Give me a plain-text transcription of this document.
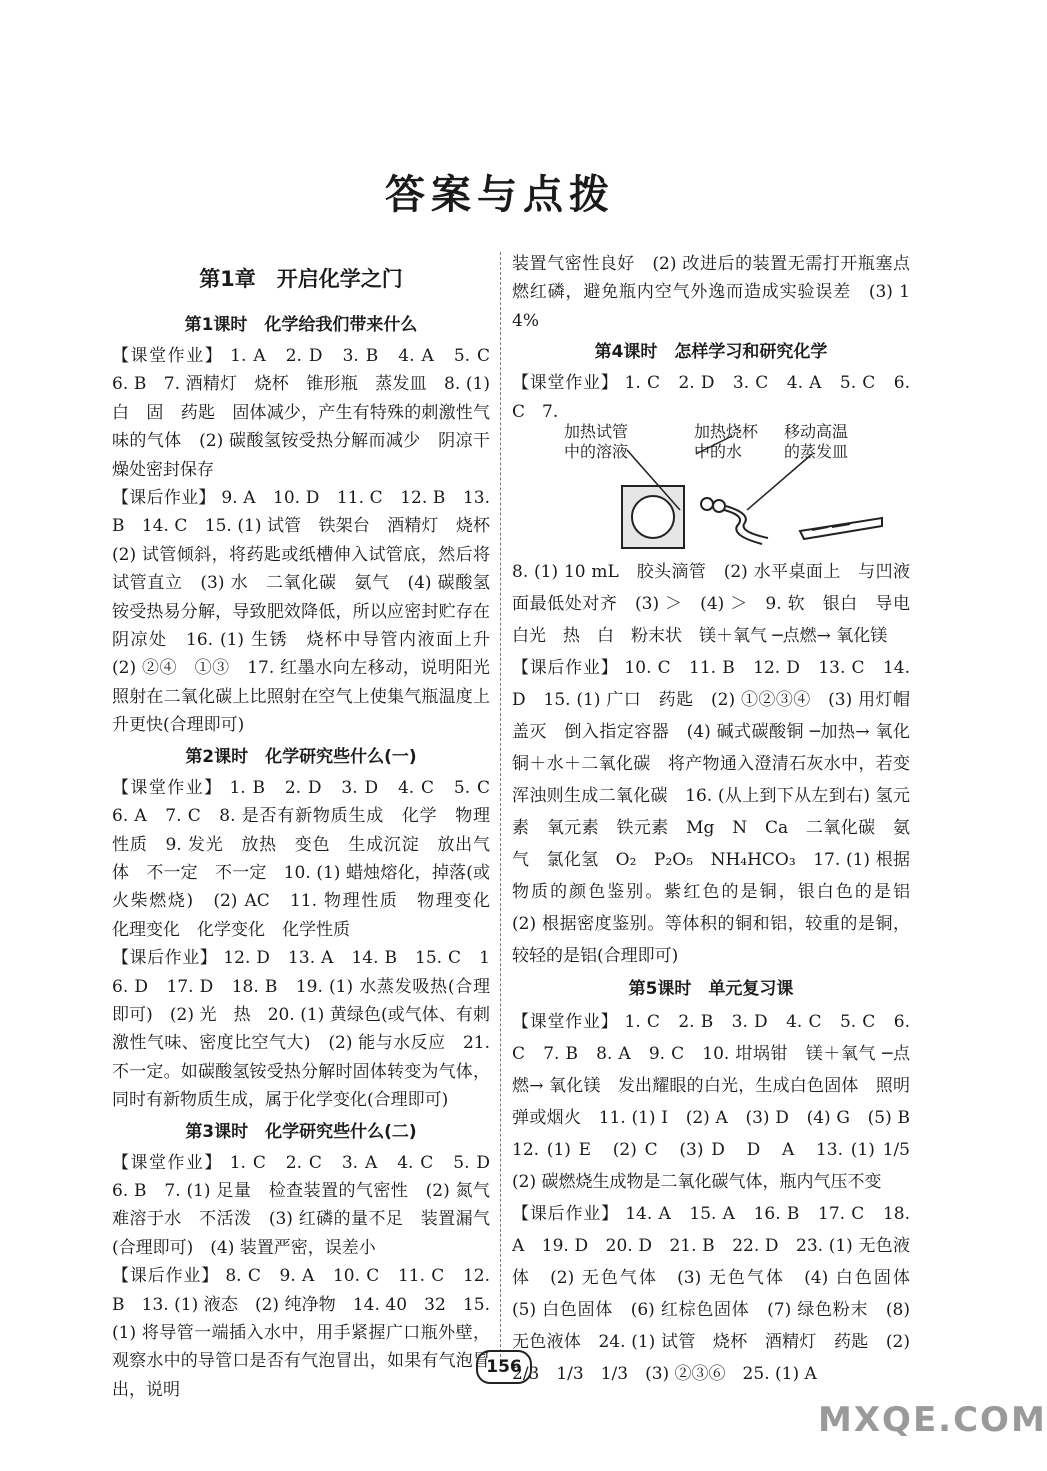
答案与点拨
第1章　开启化学之门
第1课时　化学给我们带来什么

【课堂作业】 1. A　2. D　3. B　4. A　5. C　6. B　7. 酒精灯　烧杯　锥形瓶　蒸发皿　8. (1) 白　固　药匙　固体减少，产生有特殊的刺激性气味的气体　(2) 碳酸氢铵受热分解而减少　阴凉干燥处密封保存

【课后作业】 9. A　10. D　11. C　12. B　13. B　14. C　15. (1) 试管　铁架台　酒精灯　烧杯　(2) 试管倾斜，将药匙或纸槽伸入试管底，然后将试管直立　(3) 水　二氧化碳　氨气　(4) 碳酸氢铵受热易分解，导致肥效降低，所以应密封贮存在阴凉处　16. (1) 生锈　烧杯中导管内液面上升　(2) ②④　①③　17. 红墨水向左移动，说明阳光照射在二氧化碳上比照射在空气上使集气瓶温度上升更快(合理即可)

第2课时　化学研究些什么(一)

【课堂作业】 1. B　2. D　3. D　4. C　5. C　6. A　7. C　8. 是否有新物质生成　化学　物理性质　9. 发光　放热　变色　生成沉淀　放出气体　不一定　不一定　10. (1) 蜡烛熔化，掉落(或火柴燃烧)　(2) AC　11. 物理性质　物理变化　化理变化　化学变化　化学性质

【课后作业】 12. D　13. A　14. B　15. C　16. D　17. D　18. B　19. (1) 水蒸发吸热(合理即可)　(2) 光　热　20. (1) 黄绿色(或气体、有刺激性气味、密度比空气大)　(2) 能与水反应　21. 不一定。如碳酸氢铵受热分解时固体转变为气体，同时有新物质生成，属于化学变化(合理即可)

第3课时　化学研究些什么(二)

【课堂作业】 1. C　2. C　3. A　4. C　5. D　6. B　7. (1) 足量　检查装置的气密性　(2) 氮气难溶于水　不活泼　(3) 红磷的量不足　装置漏气(合理即可)　(4) 装置严密，误差小

【课后作业】 8. C　9. A　10. C　11. C　12. B　13. (1) 液态　(2) 纯净物　14. 40　32　15. (1) 将导管一端插入水中，用手紧握广口瓶外壁，观察水中的导管口是否有气泡冒出，如果有气泡冒出，说明

装置气密性良好　(2) 改进后的装置无需打开瓶塞点燃红磷，避免瓶内空气外逸而造成实验误差　(3) 14%

第4课时　怎样学习和研究化学

【课堂作业】 1. C　2. D　3. C　4. A　5. C　6. C　7.

加热试管中的溶液
加热烧杯中的水
移动高温的蒸发皿

8. (1) 10 mL　胶头滴管　(2) 水平桌面上　与凹液面最低处对齐　(3) ＞　(4) ＞　9. 软　银白　导电　白光　热　白　粉末状　镁＋氧气 ─点燃→ 氧化镁

【课后作业】 10. C　11. B　12. D　13. C　14. D　15. (1) 广口　药匙　(2) ①②③④　(3) 用灯帽盖灭　倒入指定容器　(4) 碱式碳酸铜 ─加热→ 氧化铜＋水＋二氧化碳　将产物通入澄清石灰水中，若变浑浊则生成二氧化碳　16. (从上到下从左到右) 氢元素　氧元素　铁元素　Mg　N　Ca　二氧化碳　氨气　氯化氢　O₂　P₂O₅　NH₄HCO₃　17. (1) 根据物质的颜色鉴别。紫红色的是铜，银白色的是铝　(2) 根据密度鉴别。等体积的铜和铝，较重的是铜，较轻的是铝(合理即可)

第5课时　单元复习课

【课堂作业】 1. C　2. B　3. D　4. C　5. C　6. C　7. B　8. A　9. C　10. 坩埚钳　镁＋氧气 ─点燃→ 氧化镁　发出耀眼的白光，生成白色固体　照明弹或烟火　11. (1) I　(2) A　(3) D　(4) G　(5) B　12. (1) E　(2) C　(3) D　D　A　13. (1) 1/5　(2) 碳燃烧生成物是二氧化碳气体，瓶内气压不变

【课后作业】 14. A　15. A　16. B　17. C　18. A　19. D　20. D　21. B　22. D　23. (1) 无色液体　(2) 无色气体　(3) 无色气体　(4) 白色固体　(5) 白色固体　(6) 红棕色固体　(7) 绿色粉末　(8) 无色液体　24. (1) 试管　烧杯　酒精灯　药匙　(2) 2/3　1/3　1/3　(3) ②③⑥　25. (1) A

156
MXQE.COM
